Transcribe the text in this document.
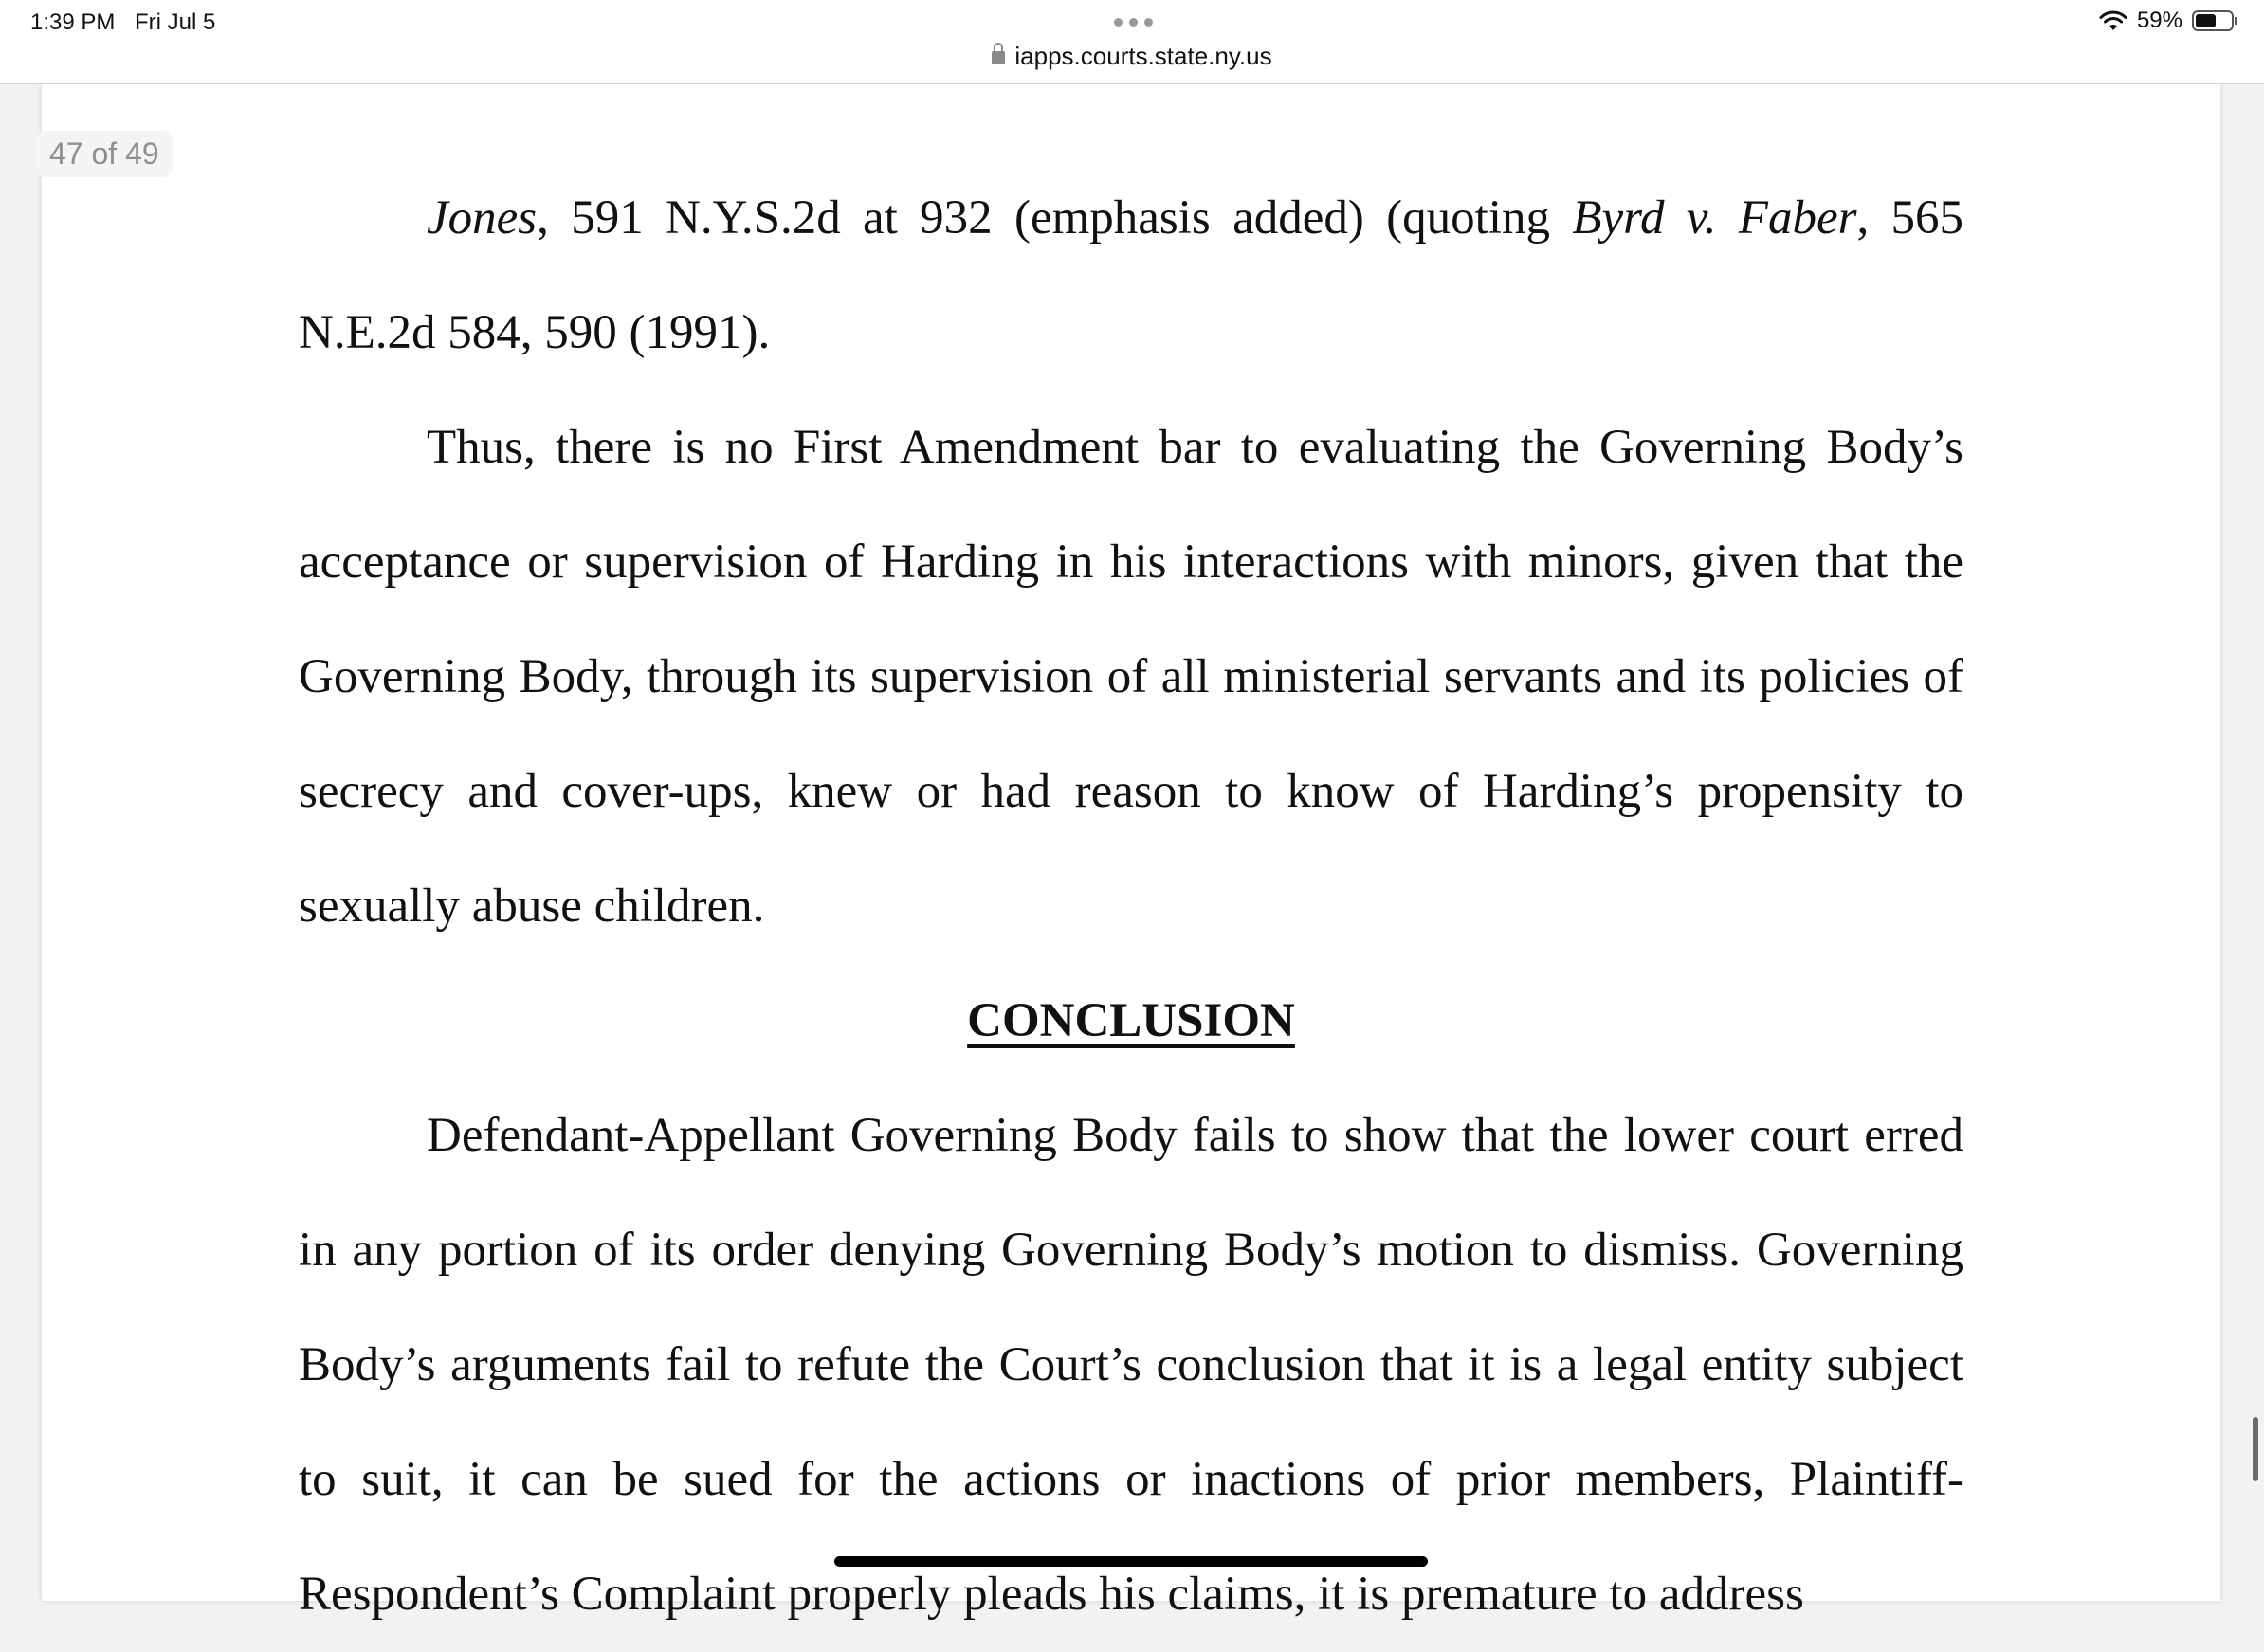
1:39 PM Fri Jul 5
iapps.courts.state.ny.us
59%
47 of 49

Jones, 591 N.Y.S.2d at 932 (emphasis added) (quoting Byrd v. Faber, 565 N.E.2d 584, 590 (1991).

Thus, there is no First Amendment bar to evaluating the Governing Body’s acceptance or supervision of Harding in his interactions with minors, given that the Governing Body, through its supervision of all ministerial servants and its policies of secrecy and cover-ups, knew or had reason to know of Harding’s propensity to sexually abuse children.

CONCLUSION

Defendant-Appellant Governing Body fails to show that the lower court erred in any portion of its order denying Governing Body’s motion to dismiss. Governing Body’s arguments fail to refute the Court’s conclusion that it is a legal entity subject to suit, it can be sued for the actions or inactions of prior members, Plaintiff-Respondent’s Complaint properly pleads his claims, it is premature to address
